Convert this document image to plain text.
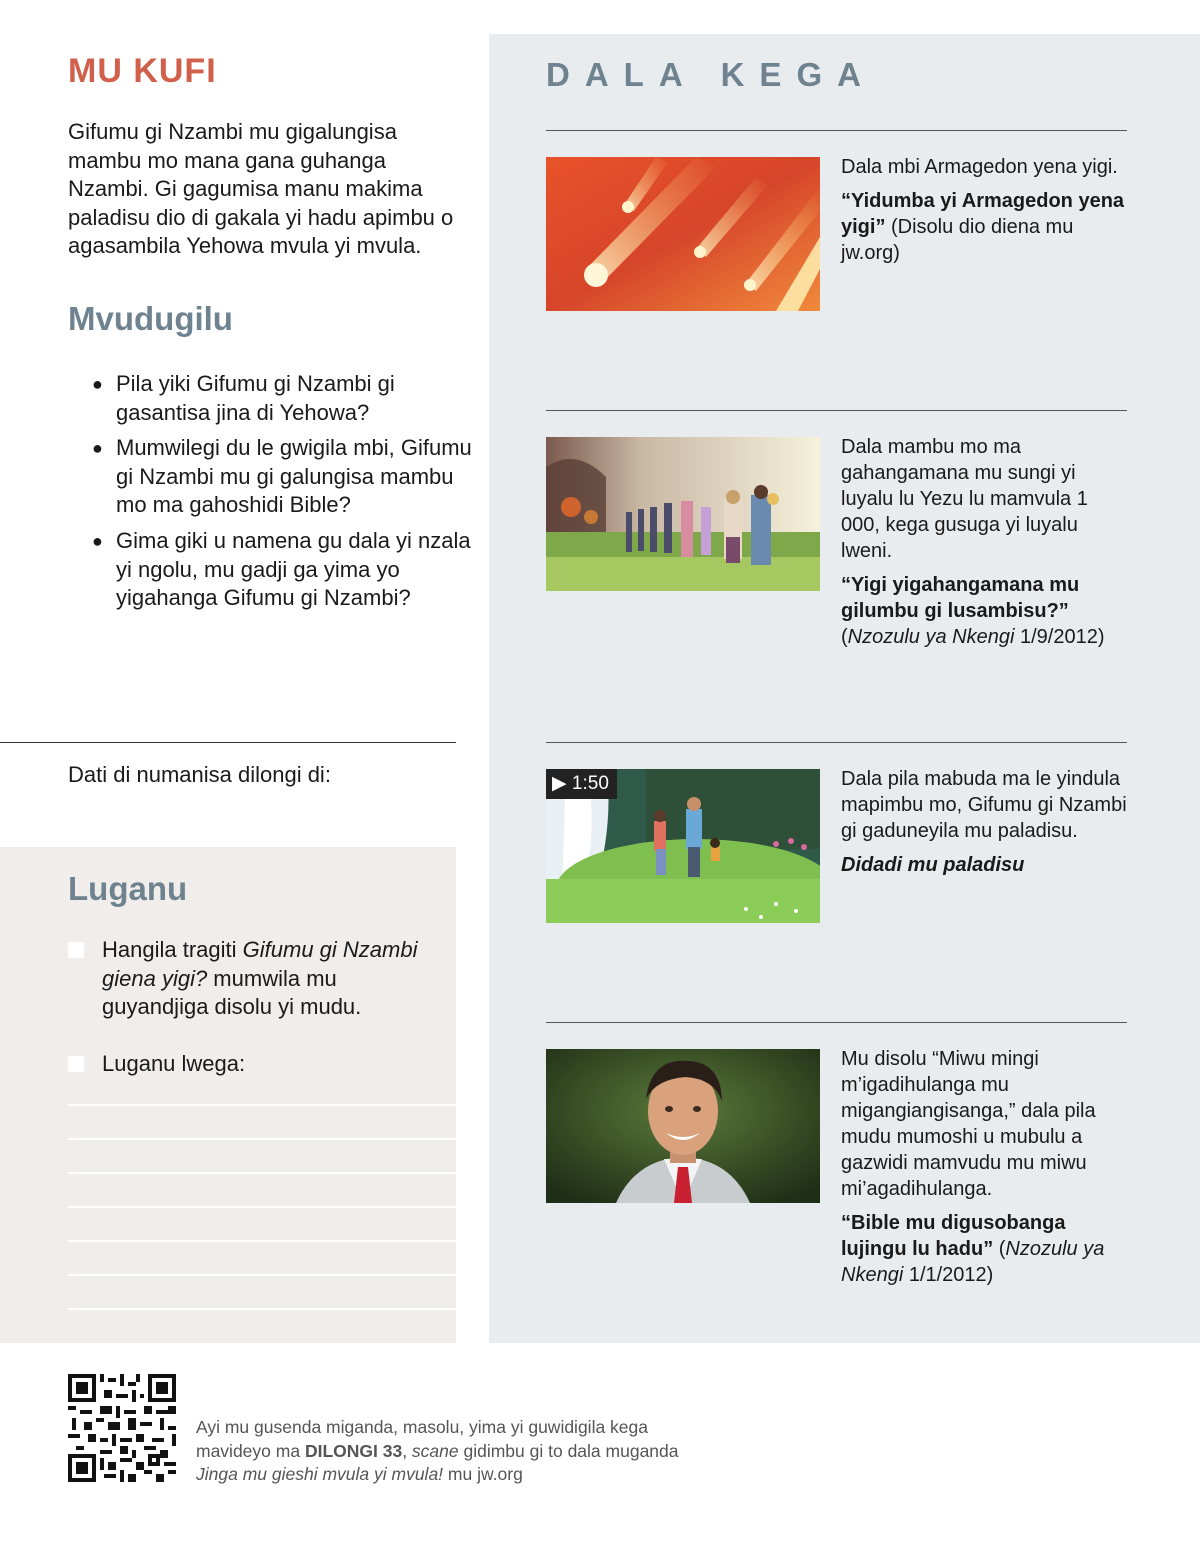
MU KUFI
Gifumu gi Nzambi mu gigalungisa mambu mo mana gana guhanga Nzambi. Gi gagumisa manu makima paladisu dio di gakala yi hadu apimbu o agasambila Yehowa mvula yi mvula.
Mvudugilu
● Pila yiki Gifumu gi Nzambi gi gasantisa jina di Yehowa?
● Mumwilegi du le gwigila mbi, Gifumu gi Nzambi mu gi galungisa mambu mo ma gahoshidi Bible?
● Gima giki u namena gu dala yi nzala yi ngolu, mu gadji ga yima yo yigahanga Gifumu gi Nzambi?
Dati di numanisa dilongi di:
Luganu
Hangila tragiti Gifumu gi Nzambi giena yigi? mumwila mu guyandjiga disolu yi mudu.
Luganu lwega:
DALA KEGA

Dala mbi Armagedon yena yigi.

“Yidumba yi Armagedon yena yigi” (Disolu dio diena mu jw.org)

Dala mambu mo ma gahangamana mu sungi yi luyalu lu Yezu lu mamvula 1 000, kega gusuga yi luyalu lweni.

“Yigi yigahangamana mu gilumbu gi lusambisu?” (Nzozulu ya Nkengi 1/9/2012)

▶ 1:50	Dala pila mabuda ma le yindula mapimbu mo, Gifumu gi Nzambi gi gaduneyila mu paladisu.

Didadi mu paladisu

Mu disolu “Miwu mingi m’igadihulanga mu migangiangisanga,” dala pila mudu mumoshi u mubulu a gazwidi mamvudu mu miwu mi’agadihulanga.

“Bible mu digusobanga lujingu lu hadu” (Nzozulu ya Nkengi 1/1/2012)

Ayi mu gusenda miganda, masolu, yima yi guwidigila kega mavideyo ma DILONGI 33, scane gidimbu gi to dala muganda Jinga mu gieshi mvula yi mvula! mu jw.org
